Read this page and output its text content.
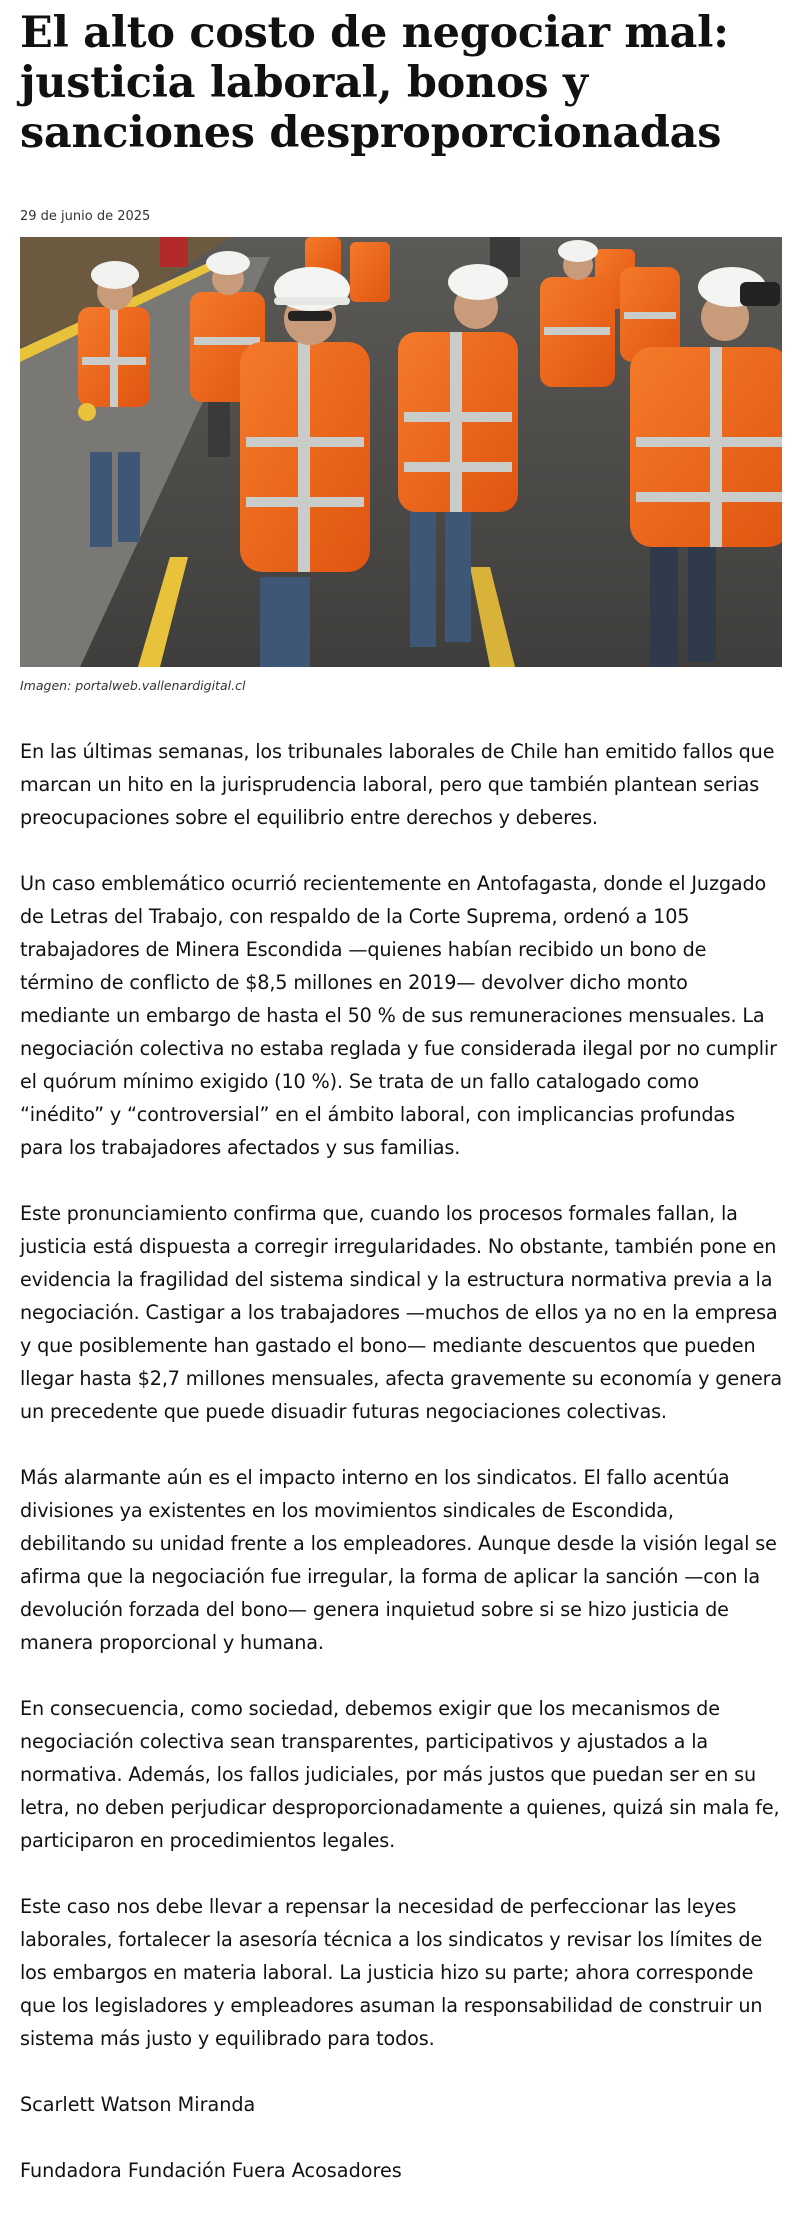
El alto costo de negociar mal: justicia laboral, bonos y sanciones desproporcionadas
29 de junio de 2025
Imagen: portalweb.vallenardigital.cl

En las últimas semanas, los tribunales laborales de Chile han emitido fallos que marcan un hito en la jurisprudencia laboral, pero que también plantean serias preocupaciones sobre el equilibrio entre derechos y deberes.

Un caso emblemático ocurrió recientemente en Antofagasta, donde el Juzgado de Letras del Trabajo, con respaldo de la Corte Suprema, ordenó a 105 trabajadores de Minera Escondida —quienes habían recibido un bono de término de conflicto de $8,5 millones en 2019— devolver dicho monto mediante un embargo de hasta el 50 % de sus remuneraciones mensuales. La negociación colectiva no estaba reglada y fue considerada ilegal por no cumplir el quórum mínimo exigido (10 %). Se trata de un fallo catalogado como “inédito” y “controversial” en el ámbito laboral, con implicancias profundas para los trabajadores afectados y sus familias.

Este pronunciamiento confirma que, cuando los procesos formales fallan, la justicia está dispuesta a corregir irregularidades. No obstante, también pone en evidencia la fragilidad del sistema sindical y la estructura normativa previa a la negociación. Castigar a los trabajadores —muchos de ellos ya no en la empresa y que posiblemente han gastado el bono— mediante descuentos que pueden llegar hasta $2,7 millones mensuales, afecta gravemente su economía y genera un precedente que puede disuadir futuras negociaciones colectivas.

Más alarmante aún es el impacto interno en los sindicatos. El fallo acentúa divisiones ya existentes en los movimientos sindicales de Escondida, debilitando su unidad frente a los empleadores. Aunque desde la visión legal se afirma que la negociación fue irregular, la forma de aplicar la sanción —con la devolución forzada del bono— genera inquietud sobre si se hizo justicia de manera proporcional y humana.

En consecuencia, como sociedad, debemos exigir que los mecanismos de negociación colectiva sean transparentes, participativos y ajustados a la normativa. Además, los fallos judiciales, por más justos que puedan ser en su letra, no deben perjudicar desproporcionadamente a quienes, quizá sin mala fe, participaron en procedimientos legales.

Este caso nos debe llevar a repensar la necesidad de perfeccionar las leyes laborales, fortalecer la asesoría técnica a los sindicatos y revisar los límites de los embargos en materia laboral. La justicia hizo su parte; ahora corresponde que los legisladores y empleadores asuman la responsabilidad de construir un sistema más justo y equilibrado para todos.

Scarlett Watson Miranda

Fundadora Fundación Fuera Acosadores
